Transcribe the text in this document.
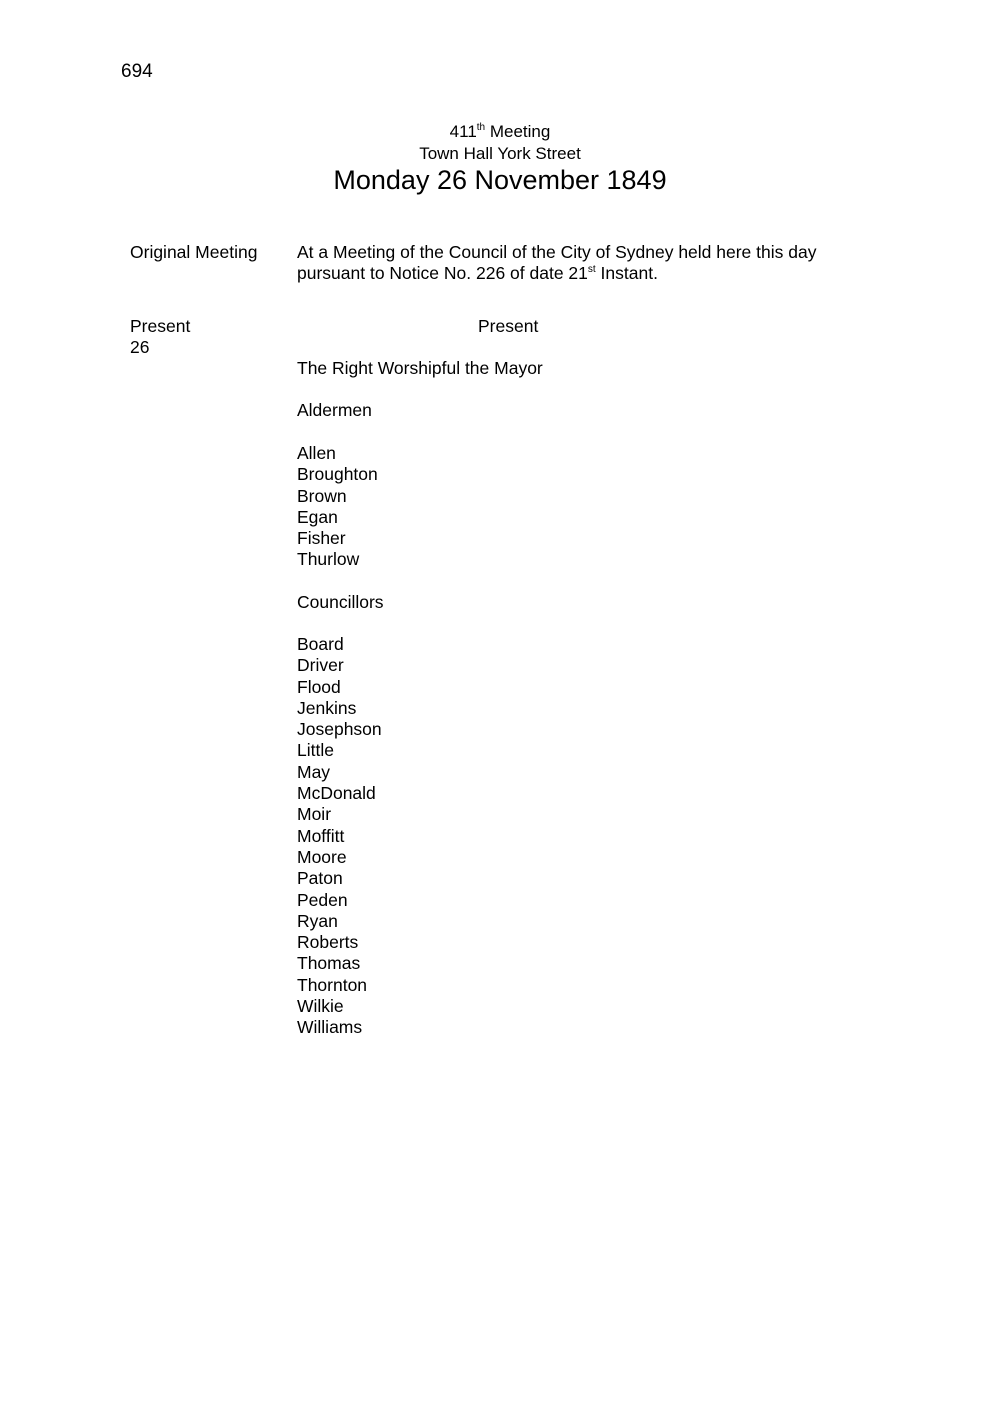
694
411th Meeting
Town Hall York Street
Monday 26 November 1849
Original Meeting At a Meeting of the Council of the City of Sydney held here this day pursuant to Notice No. 226 of date 21st Instant.
Present
26
Present
The Right Worshipful the Mayor
Aldermen
Allen
Broughton
Brown
Egan
Fisher
Thurlow
Councillors
Board
Driver
Flood
Jenkins
Josephson
Little
May
McDonald
Moir
Moffitt
Moore
Paton
Peden
Ryan
Roberts
Thomas
Thornton
Wilkie
Williams
